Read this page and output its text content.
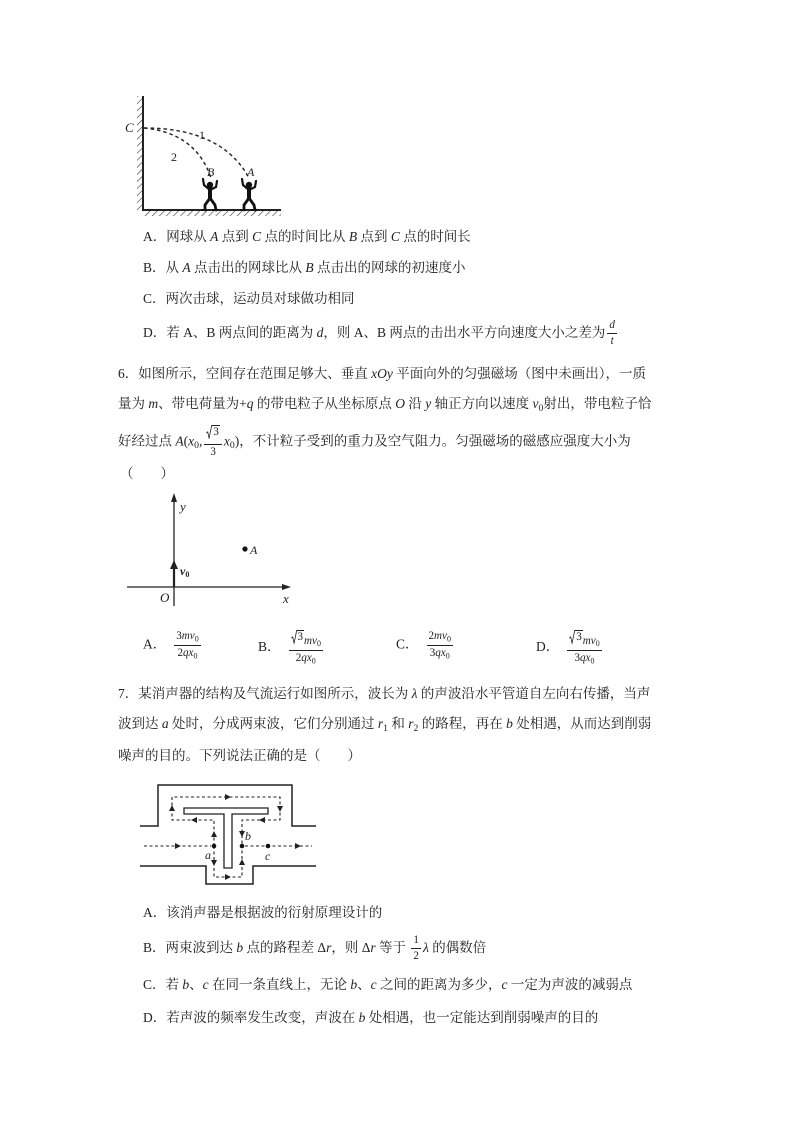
C	1
2
B	A
A．网球从 A 点到 C 点的时间比从 B 点到 C 点的时间长
B．从 A 点击出的网球比从 B 点击出的网球的初速度小
C．两次击球，运动员对球做功相同
D．若 A、B 两点间的距离为 d，则 A、B 两点的击出水平方向速度大小之差为 $\frac{d}{t}$
6．如图所示，空间存在范围足够大、垂直 xOy 平面向外的匀强磁场（图中未画出），一质
量为 m、带电荷量为+q 的带电粒子从坐标原点 O 沿 y 轴正方向以速度 $v_0$射出，带电粒子恰
好经过点 $A(x_0$, $\frac{3}{3} x_0$)，不计粒子受到的重力及空气阻力。匀强磁场的磁感应强度大小为
（　　）
y
x
O
v0
A
A． $\frac{3mv_0}{2qx_0}$	B． $\frac{3 mv_0}{2qx_0}$	C． $\frac{2mv_0}{3qx_0}$	D． $\frac{3 mv_0}{3qx_0}$
7．某消声器的结构及气流运行如图所示，波长为 λ 的声波沿水平管道自左向右传播，当声
波到达 a 处时，分成两束波，它们分别通过 $r_1$ 和 $r_2$ 的路程，再在 b 处相遇，从而达到削弱
噪声的目的。下列说法正确的是（　　）
a
b
c
A．该消声器是根据波的衍射原理设计的
B．两束波到达 b 点的路程差 Δr，则 Δr 等于 $\frac{1}{2}$ λ 的偶数倍
C．若 b、c 在同一条直线上，无论 b、c 之间的距离为多少，c 一定为声波的减弱点
D．若声波的频率发生改变，声波在 b 处相遇，也一定能达到削弱噪声的目的
